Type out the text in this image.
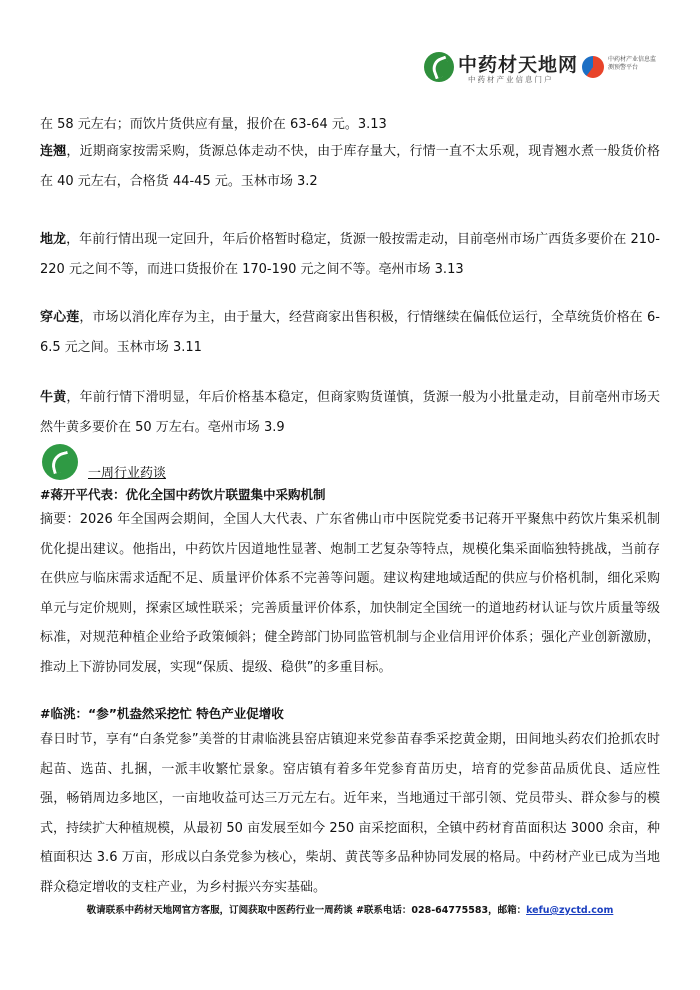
中药材天地网
中药材产业信息门户
中药材产业信息监测预警平台
在 58 元左右；而饮片货供应有量，报价在 63-64 元。3.13
连翘，近期商家按需采购，货源总体走动不快，由于库存量大，行情一直不太乐观，现青翘水煮一般货价格在 40 元左右，合格货 44-45 元。玉林市场 3.2
地龙，年前行情出现一定回升，年后价格暂时稳定，货源一般按需走动，目前亳州市场广西货多要价在 210-220 元之间不等，而进口货报价在 170-190 元之间不等。亳州市场 3.13
穿心莲，市场以消化库存为主，由于量大，经营商家出售积极，行情继续在偏低位运行，全草统货价格在 6-6.5 元之间。玉林市场 3.11
牛黄，年前行情下滑明显，年后价格基本稳定，但商家购货谨慎，货源一般为小批量走动，目前亳州市场天然牛黄多要价在 50 万左右。亳州市场 3.9
一周行业药谈
#蒋开平代表：优化全国中药饮片联盟集中采购机制
摘要：2026 年全国两会期间，全国人大代表、广东省佛山市中医院党委书记蒋开平聚焦中药饮片集采机制优化提出建议。他指出，中药饮片因道地性显著、炮制工艺复杂等特点，规模化集采面临独特挑战，当前存在供应与临床需求适配不足、质量评价体系不完善等问题。建议构建地域适配的供应与价格机制，细化采购单元与定价规则，探索区域性联采；完善质量评价体系，加快制定全国统一的道地药材认证与饮片质量等级标准，对规范种植企业给予政策倾斜；健全跨部门协同监管机制与企业信用评价体系；强化产业创新激励，推动上下游协同发展，实现“保质、提级、稳供”的多重目标。
#临洮：“参”机盎然采挖忙 特色产业促增收
春日时节，享有“白条党参”美誉的甘肃临洮县窑店镇迎来党参苗春季采挖黄金期，田间地头药农们抢抓农时起苗、选苗、扎捆，一派丰收繁忙景象。窑店镇有着多年党参育苗历史，培育的党参苗品质优良、适应性强，畅销周边多地区，一亩地收益可达三万元左右。近年来，当地通过干部引领、党员带头、群众参与的模式，持续扩大种植规模，从最初 50 亩发展至如今 250 亩采挖面积，全镇中药材育苗面积达 3000 余亩，种植面积达 3.6 万亩，形成以白条党参为核心，柴胡、黄芪等多品种协同发展的格局。中药材产业已成为当地群众稳定增收的支柱产业，为乡村振兴夯实基础。
敬请联系中药材天地网官方客服，订阅获取中医药行业一周药谈 #联系电话：028-64775583，邮箱：kefu@zyctd.com
